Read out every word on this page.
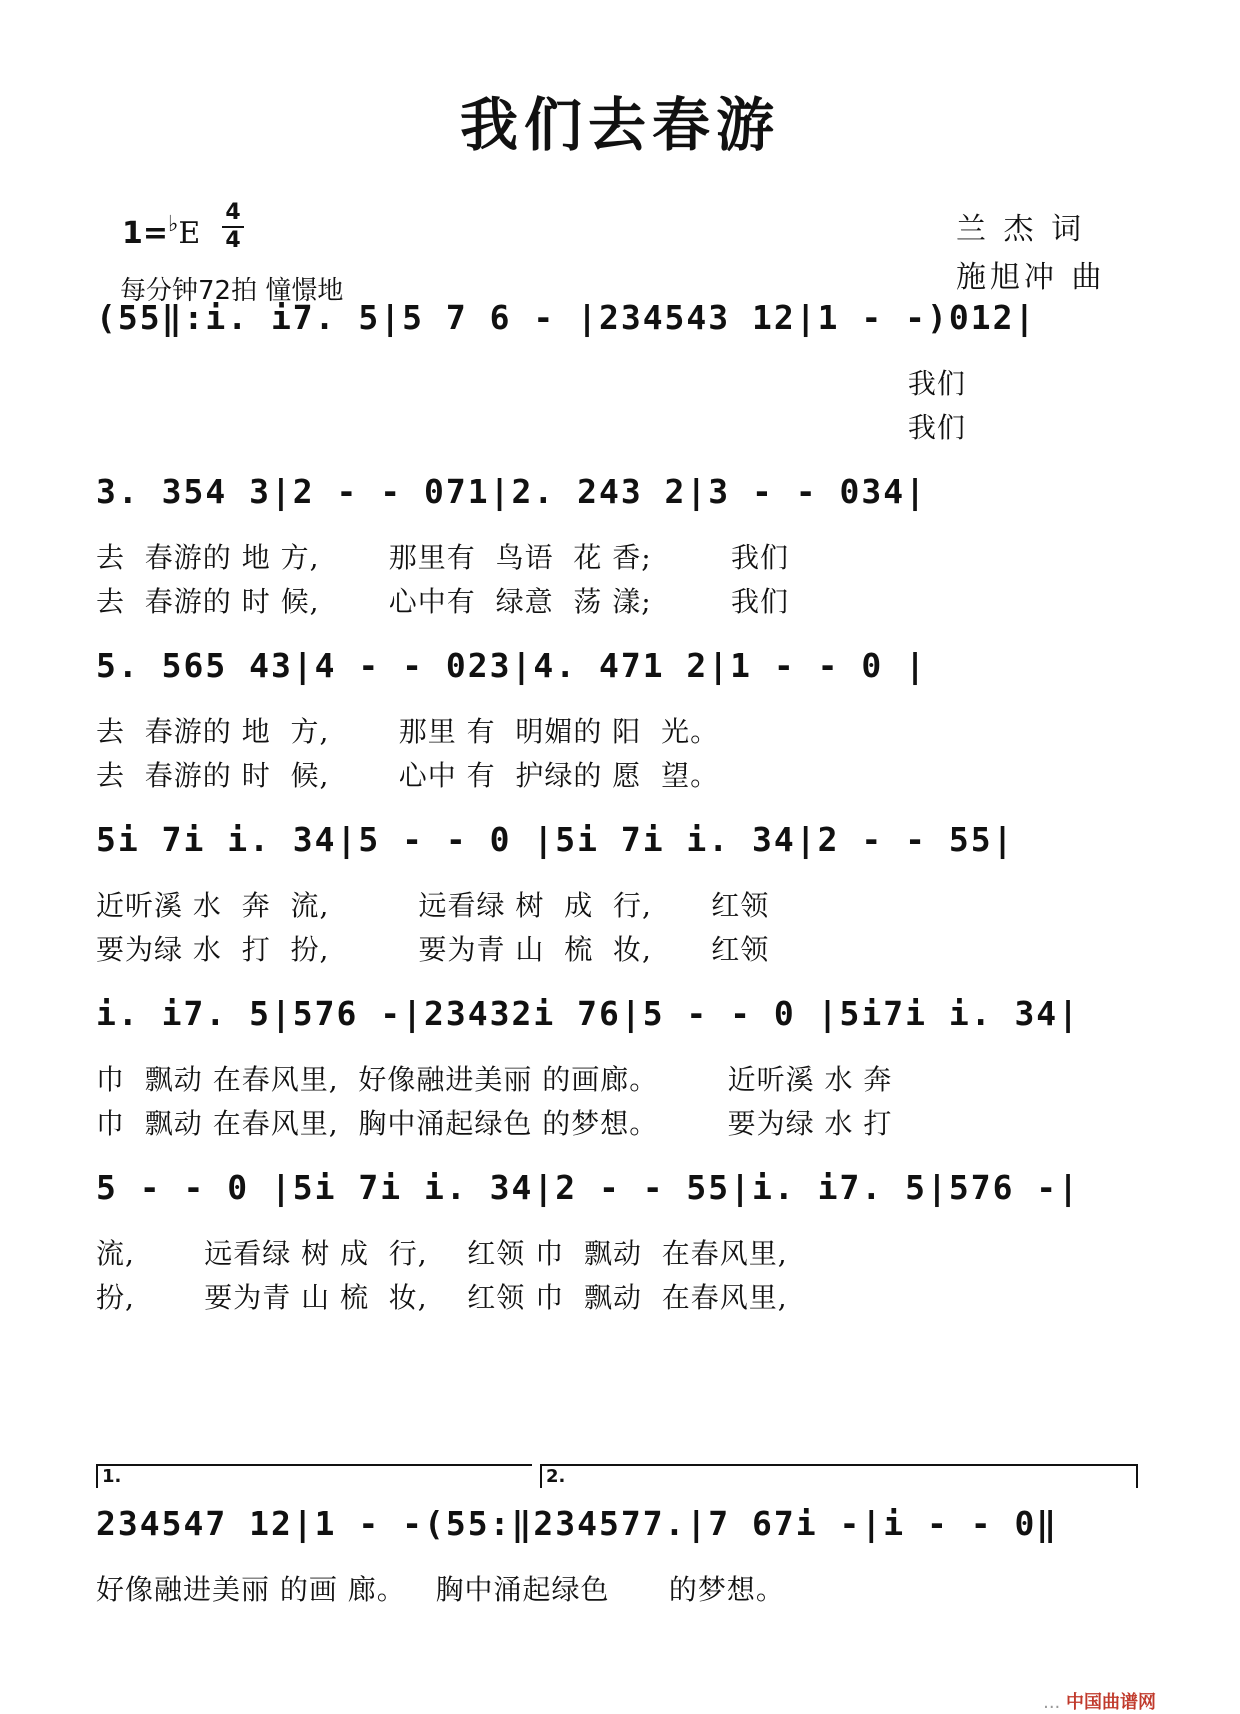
我们去春游
1=♭E
4
4
每分钟72拍 憧憬地
兰 杰 词
施旭冲 曲
(55‖:i. i7. 5|5 7 6 - |234543 12|1 - -)012|
我们
我们
3. 354 3|2 - - 071|2. 243 2|3 - - 034|
去  春游的 地 方,       那里有  鸟语  花 香;        我们
去  春游的 时 候,       心中有  绿意  荡 漾;        我们
5. 565 43|4 - - 023|4. 471 2|1 - - 0 |
去  春游的 地  方,       那里 有  明媚的 阳  光。
去  春游的 时  候,       心中 有  护绿的 愿  望。
5i 7i i. 34|5 - - 0 |5i 7i i. 34|2 - - 55|
近听溪 水  奔  流,         远看绿 树  成  行,      红领
要为绿 水  打  扮,         要为青 山  梳  妆,      红领
i. i7. 5|576 -|23432i 76|5 - - 0 |5i7i i. 34|
巾  飘动 在春风里,  好像融进美丽 的画廊。       近听溪 水 奔
巾  飘动 在春风里,  胸中涌起绿色 的梦想。       要为绿 水 打
5 - - 0 |5i 7i i. 34|2 - - 55|i. i7. 5|576 -|
流,       远看绿 树 成  行,    红领 巾  飘动  在春风里,
扮,       要为青 山 梳  妆,    红领 巾  飘动  在春风里,
1.	2.
234547 12|1 - -(55:‖234577.|7 67i -|i - - 0‖
好像融进美丽 的画 廊。   胸中涌起绿色      的梦想。
... 中国曲谱网
